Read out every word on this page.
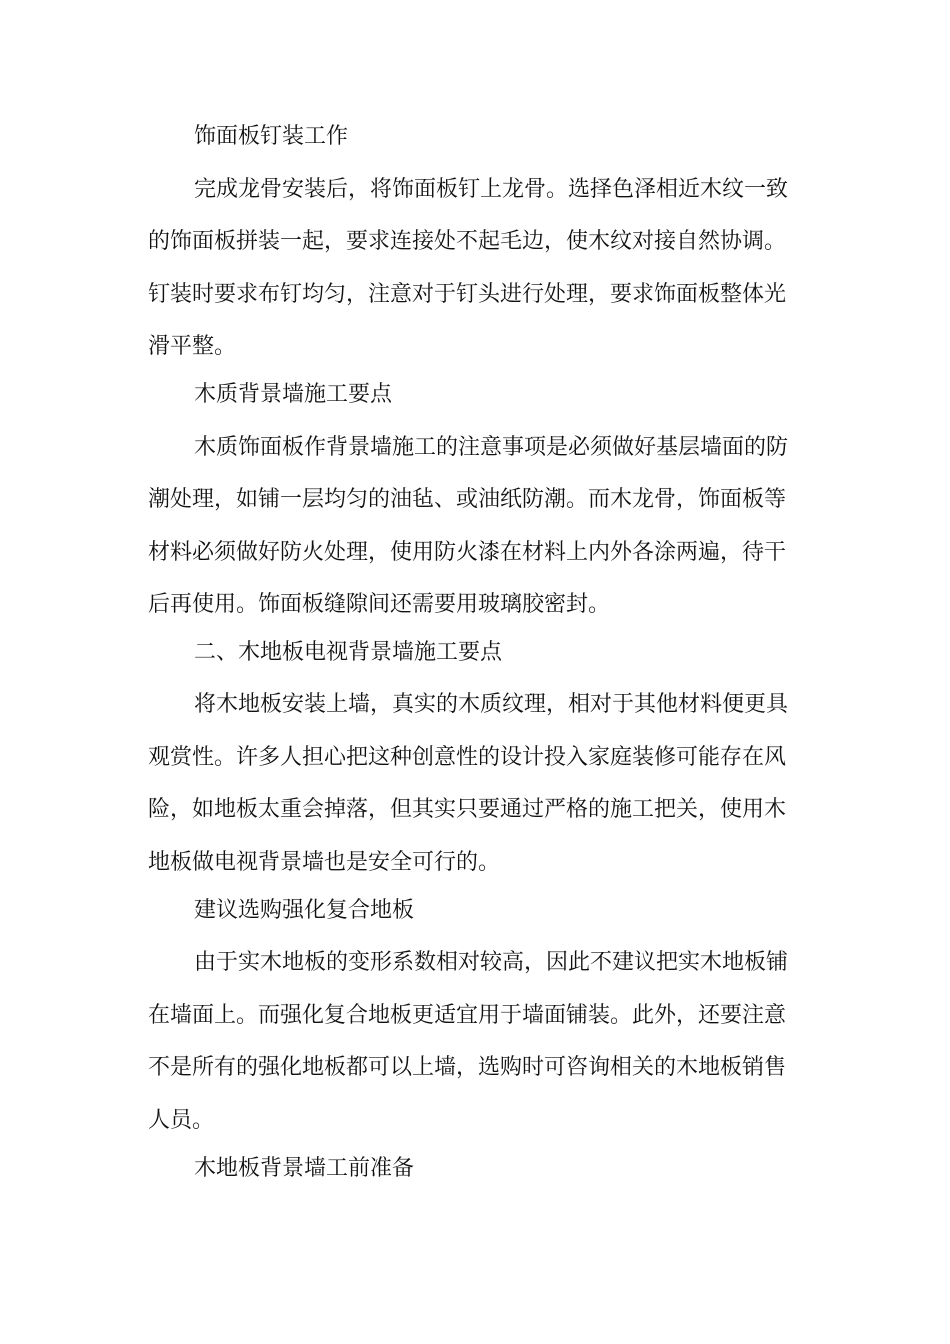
饰面板钉装工作
完成龙骨安装后，将饰面板钉上龙骨。选择色泽相近木纹一致
的饰面板拼装一起，要求连接处不起毛边，使木纹对接自然协调。
钉装时要求布钉均匀，注意对于钉头进行处理，要求饰面板整体光
滑平整。
木质背景墙施工要点
木质饰面板作背景墙施工的注意事项是必须做好基层墙面的防
潮处理，如铺一层均匀的油毡、或油纸防潮。而木龙骨，饰面板等
材料必须做好防火处理，使用防火漆在材料上内外各涂两遍，待干
后再使用。饰面板缝隙间还需要用玻璃胶密封。
二、木地板电视背景墙施工要点
将木地板安装上墙，真实的木质纹理，相对于其他材料便更具
观赏性。许多人担心把这种创意性的设计投入家庭装修可能存在风
险，如地板太重会掉落，但其实只要通过严格的施工把关，使用木
地板做电视背景墙也是安全可行的。
建议选购强化复合地板
由于实木地板的变形系数相对较高，因此不建议把实木地板铺
在墙面上。而强化复合地板更适宜用于墙面铺装。此外，还要注意
不是所有的强化地板都可以上墙，选购时可咨询相关的木地板销售
人员。
木地板背景墙工前准备
